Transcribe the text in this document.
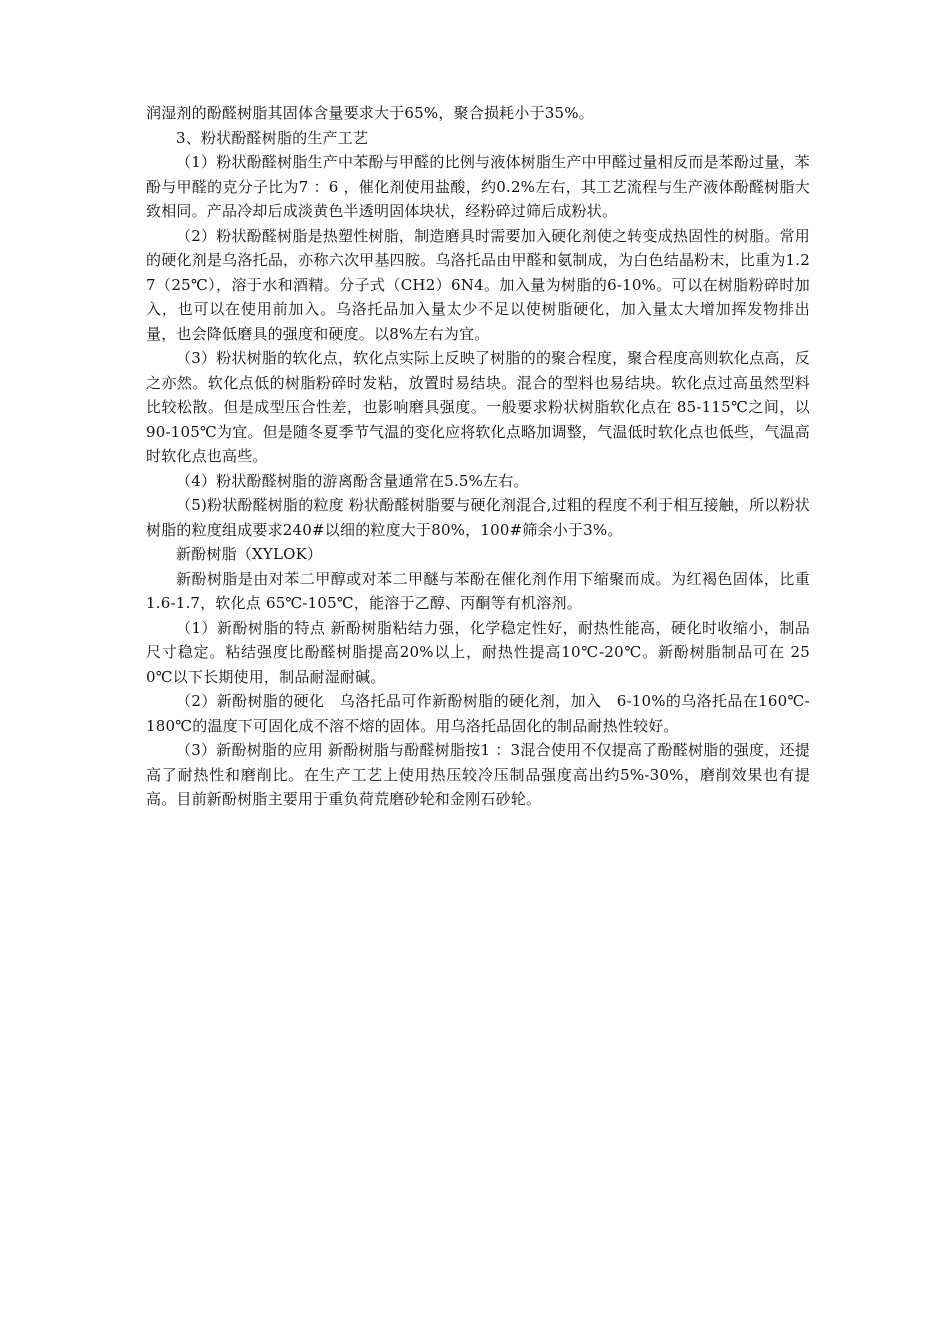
润湿剂的酚醛树脂其固体含量要求大于65%，聚合损耗小于35%。

3、粉状酚醛树脂的生产工艺

（1）粉状酚醛树脂生产中苯酚与甲醛的比例与液体树脂生产中甲醛过量相反而是苯酚过量，苯酚与甲醛的克分子比为7 ：6 ，催化剂使用盐酸，约0.2%左右，其工艺流程与生产液体酚醛树脂大致相同。产品冷却后成淡黄色半透明固体块状，经粉碎过筛后成粉状。

（2）粉状酚醛树脂是热塑性树脂，制造磨具时需要加入硬化剂使之转变成热固性的树脂。常用的硬化剂是乌洛托品，亦称六次甲基四胺。乌洛托品由甲醛和氨制成，为白色结晶粉末，比重为1.27（25℃），溶于水和酒精。分子式（CH2）6N4。加入量为树脂的6-10%。可以在树脂粉碎时加入，也可以在使用前加入。乌洛托品加入量太少不足以使树脂硬化，加入量太大增加挥发物排出量，也会降低磨具的强度和硬度。以8%左右为宜。

（3）粉状树脂的软化点，软化点实际上反映了树脂的的聚合程度，聚合程度高则软化点高，反之亦然。软化点低的树脂粉碎时发粘，放置时易结块。混合的型料也易结块。软化点过高虽然型料比较松散。但是成型压合性差，也影响磨具强度。一般要求粉状树脂软化点在 85-115℃之间，以 90-105℃为宜。但是随冬夏季节气温的变化应将软化点略加调整，气温低时软化点也低些，气温高时软化点也高些。

（4）粉状酚醛树脂的游离酚含量通常在5.5%左右。

（5)粉状酚醛树脂的粒度 粉状酚醛树脂要与硬化剂混合,过粗的程度不利于相互接触，所以粉状树脂的粒度组成要求240#以细的粒度大于80%，100#筛余小于3%。

新酚树脂（XYLOK）

新酚树脂是由对苯二甲醇或对苯二甲醚与苯酚在催化剂作用下缩聚而成。为红褐色固体，比重 1.6-1.7，软化点 65℃-105℃，能溶于乙醇、丙酮等有机溶剂。

（1）新酚树脂的特点 新酚树脂粘结力强，化学稳定性好，耐热性能高，硬化时收缩小，制品尺寸稳定。粘结强度比酚醛树脂提高20%以上，耐热性提高10℃-20℃。新酚树脂制品可在 250℃以下长期使用，制品耐湿耐碱。

（2）新酚树脂的硬化　乌洛托品可作新酚树脂的硬化剂，加入　6-10%的乌洛托品在160℃-180℃的温度下可固化成不溶不熔的固体。用乌洛托品固化的制品耐热性较好。

（3）新酚树脂的应用 新酚树脂与酚醛树脂按1 ：3混合使用不仅提高了酚醛树脂的强度，还提高了耐热性和磨削比。在生产工艺上使用热压较冷压制品强度高出约5%-30%，磨削效果也有提高。目前新酚树脂主要用于重负荷荒磨砂轮和金刚石砂轮。
